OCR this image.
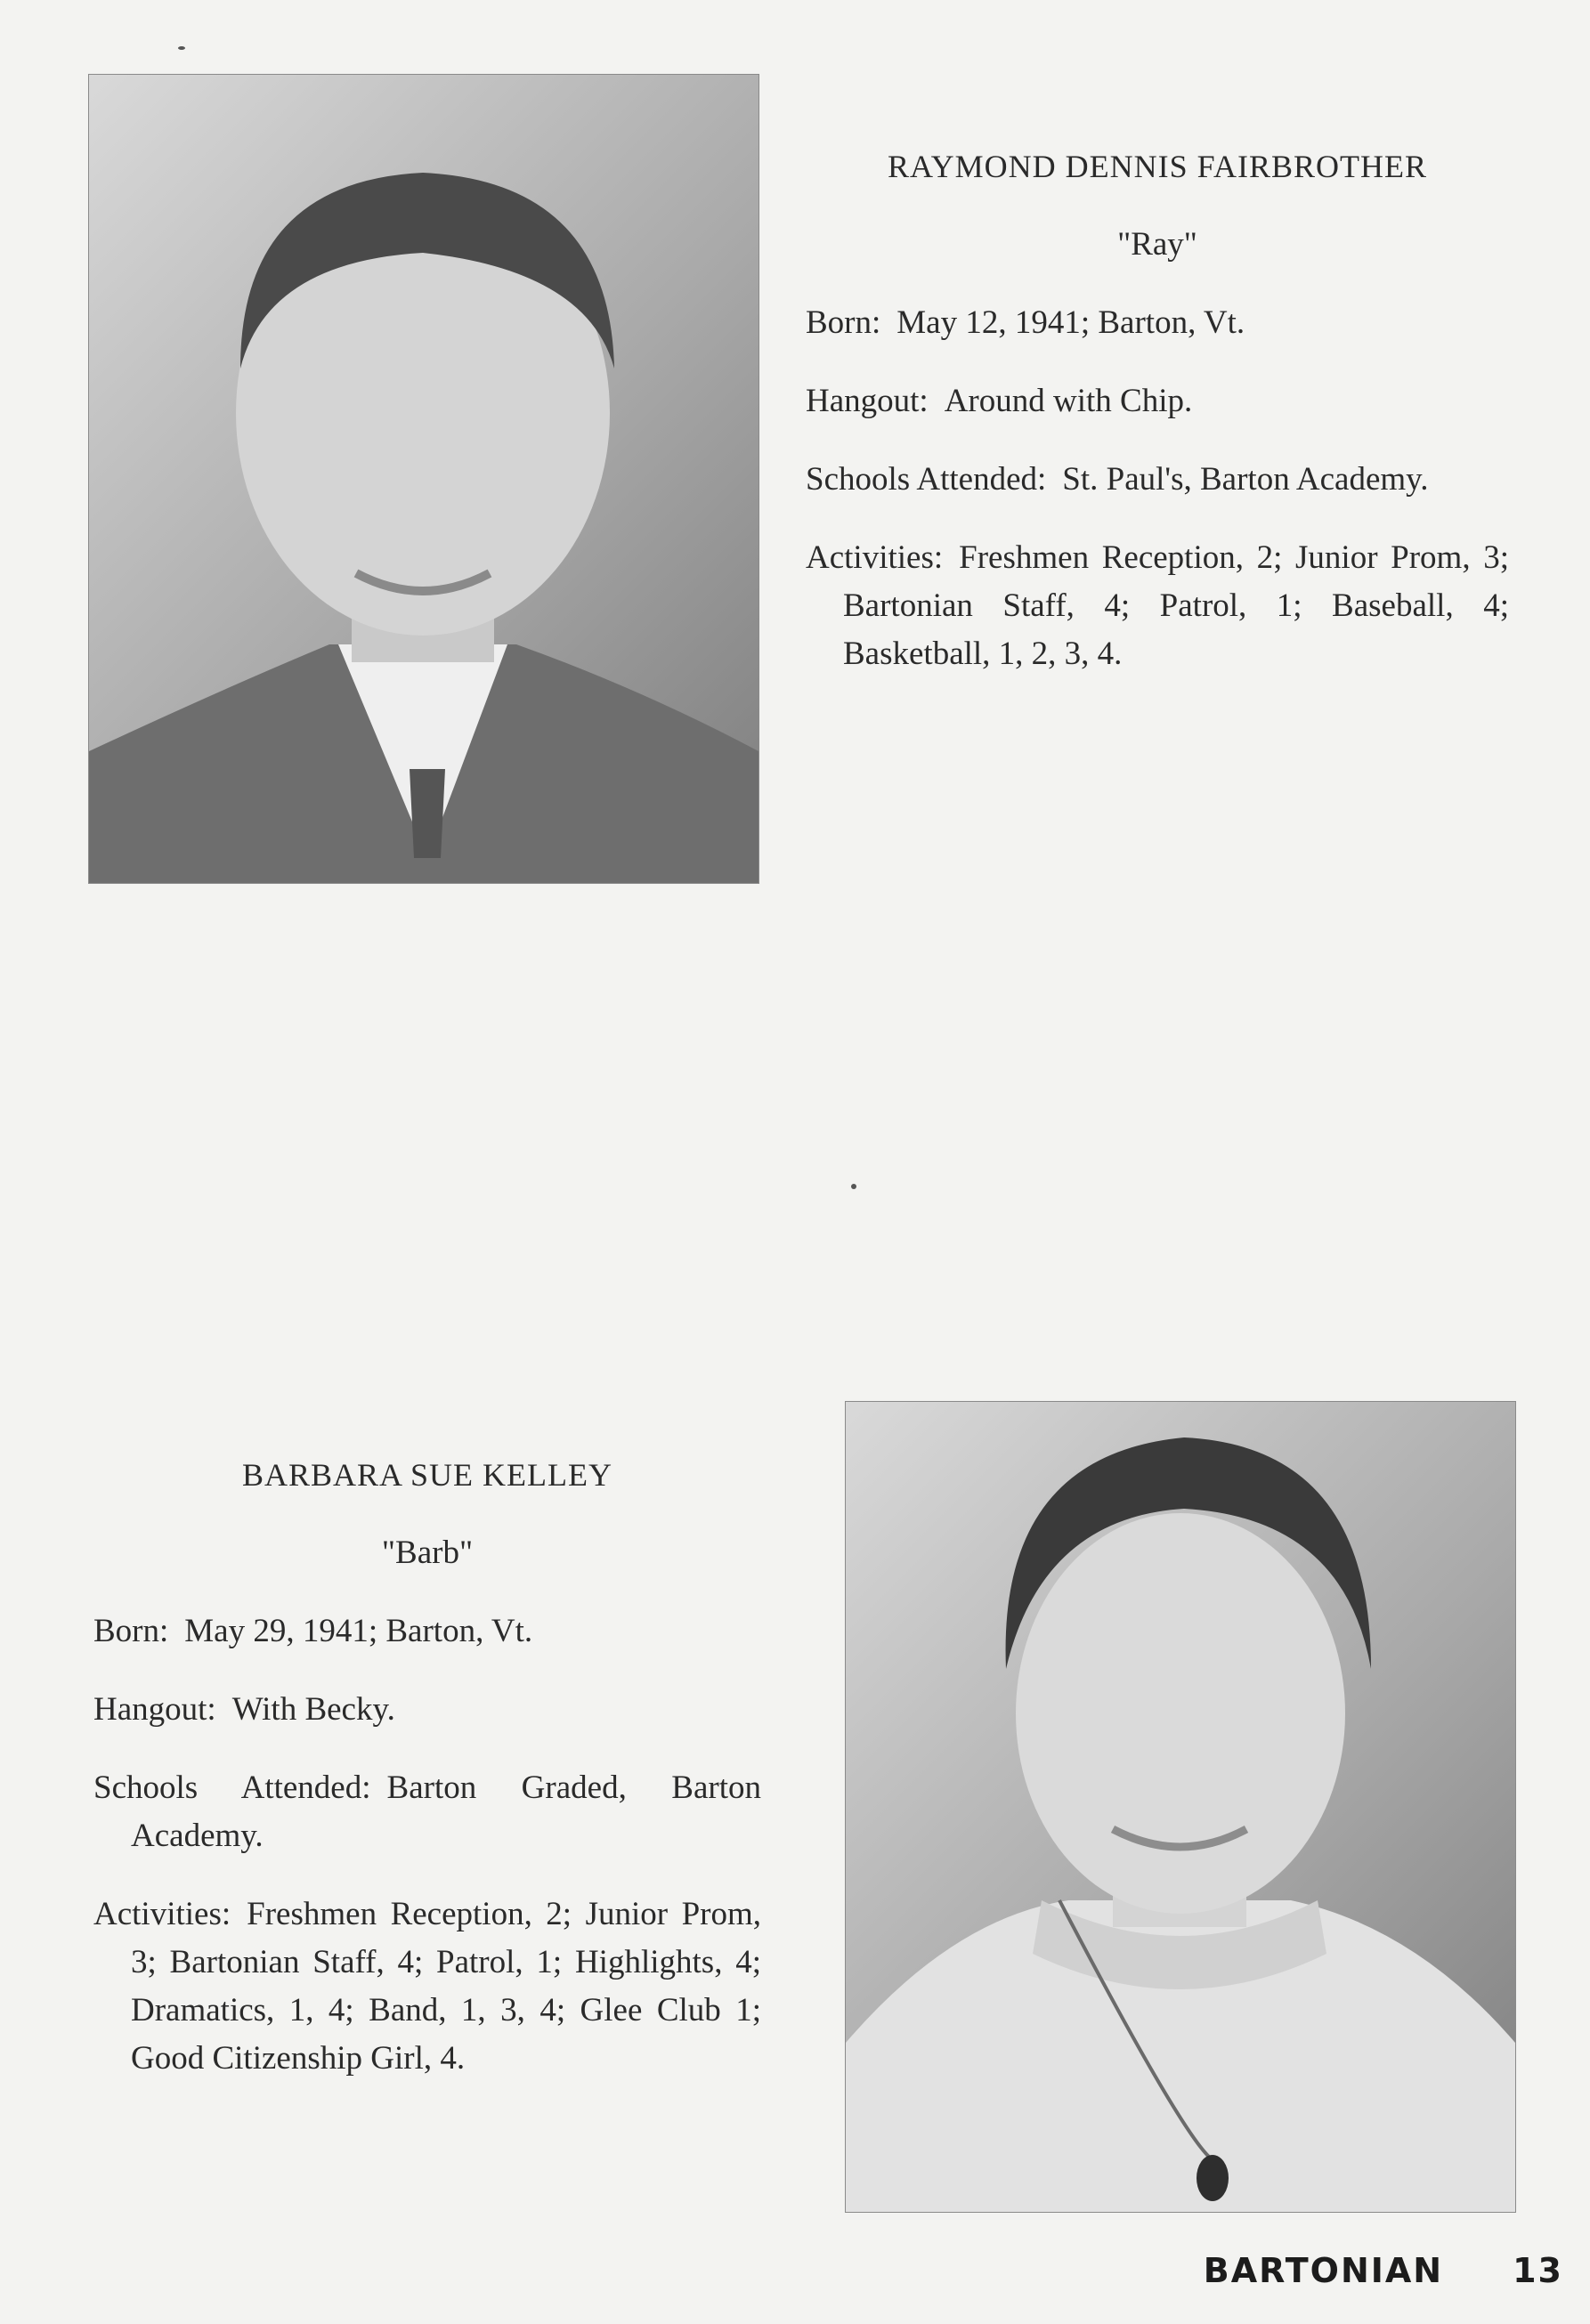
RAYMOND DENNIS FAIRBROTHER
"Ray"
Born: May 12, 1941; Barton, Vt.
Hangout: Around with Chip.
Schools Attended: St. Paul's, Barton Academy.
Activities: Freshmen Reception, 2; Junior Prom, 3; Bartonian Staff, 4; Patrol, 1; Baseball, 4; Basketball, 1, 2, 3, 4.
BARBARA SUE KELLEY
"Barb"
Born: May 29, 1941; Barton, Vt.
Hangout: With Becky.
Schools Attended: Barton Graded, Barton Academy.
Activities: Freshmen Reception, 2; Junior Prom, 3; Bartonian Staff, 4; Patrol, 1; Highlights, 4; Dramatics, 1, 4; Band, 1, 3, 4; Glee Club 1; Good Citizenship Girl, 4.
BARTONIAN 13
